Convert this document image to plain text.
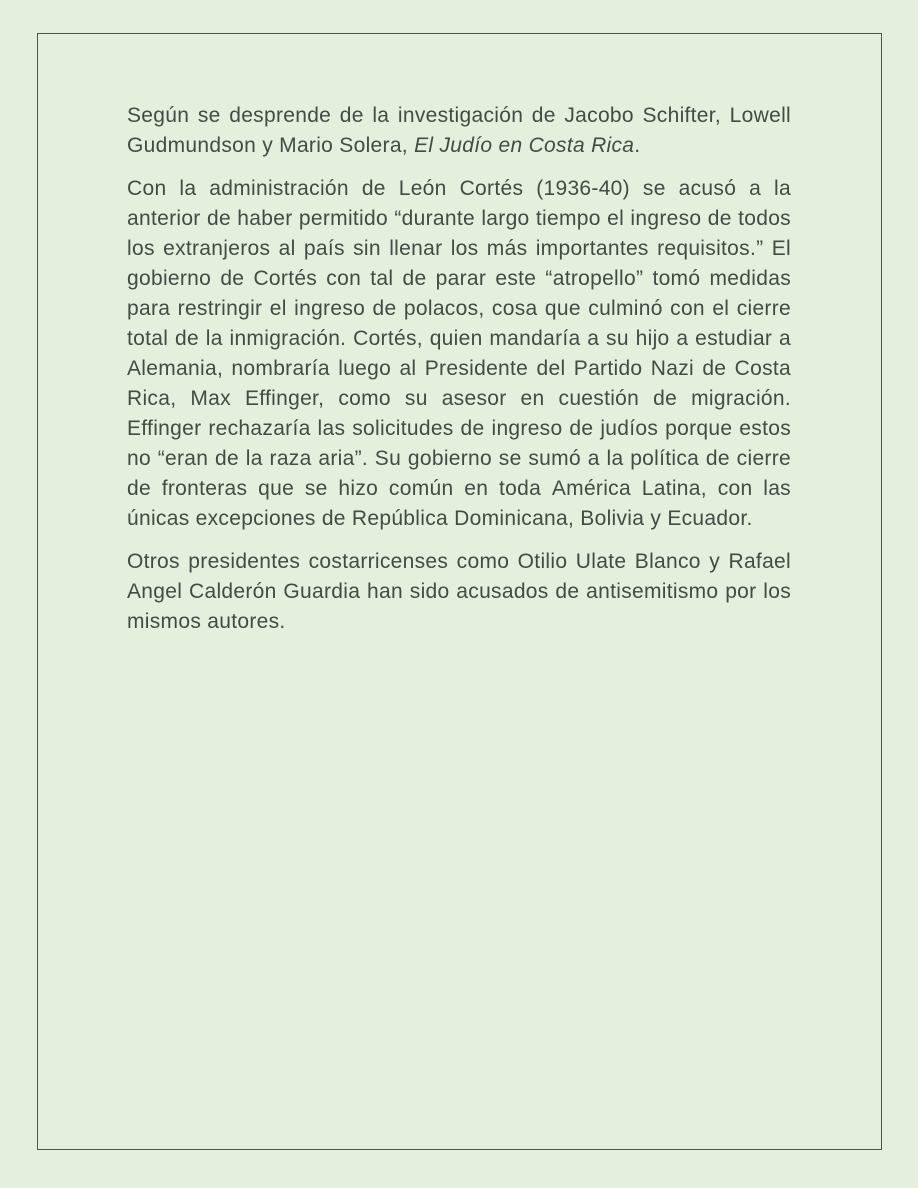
Según se desprende de la investigación de Jacobo Schifter, Lowell Gudmundson y Mario Solera, El Judío en Costa Rica.

Con la administración de León Cortés (1936-40) se acusó a la anterior de haber permitido “durante largo tiempo el ingreso de todos los extranjeros al país sin llenar los más importantes requisitos.” El gobierno de Cortés con tal de parar este “atropello” tomó medidas para restringir el ingreso de polacos, cosa que culminó con el cierre total de la inmigración. Cortés, quien mandaría a su hijo a estudiar a Alemania, nombraría luego al Presidente del Partido Nazi de Costa Rica, Max Effinger, como su asesor en cuestión de migración. Effinger rechazaría las solicitudes de ingreso de judíos porque estos no “eran de la raza aria”. Su gobierno se sumó a la política de cierre de fronteras que se hizo común en toda América Latina, con las únicas excepciones de República Dominicana, Bolivia y Ecuador.

Otros presidentes costarricenses como Otilio Ulate Blanco y Rafael Angel Calderón Guardia han sido acusados de antisemitismo por los mismos autores.
